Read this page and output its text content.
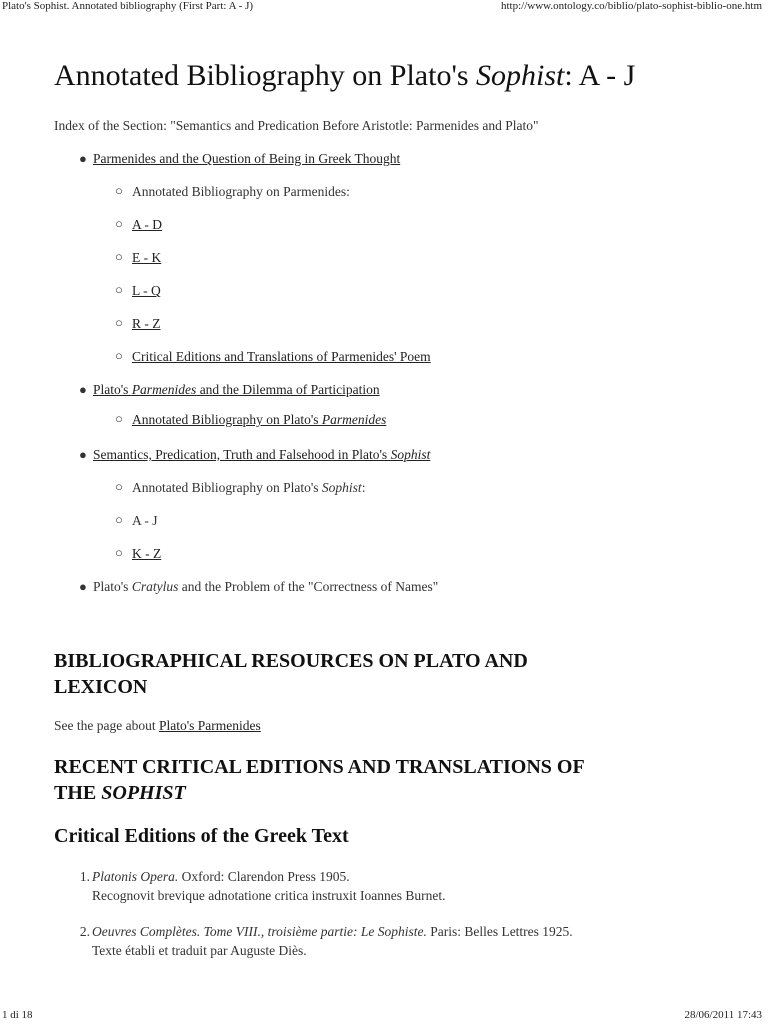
Plato's Sophist. Annotated bibliography (First Part: A - J)	http://www.ontology.co/biblio/plato-sophist-biblio-one.htm
Annotated Bibliography on Plato's Sophist: A - J
Index of the Section: "Semantics and Predication Before Aristotle: Parmenides and Plato"
● Parmenides and the Question of Being in Greek Thought
○ Annotated Bibliography on Parmenides:
○ A - D
○ E - K
○ L - Q
○ R - Z
○ Critical Editions and Translations of Parmenides' Poem
● Plato's Parmenides and the Dilemma of Participation
○ Annotated Bibliography on Plato's Parmenides
● Semantics, Predication, Truth and Falsehood in Plato's Sophist
○ Annotated Bibliography on Plato's Sophist:
○ A - J
○ K - Z
● Plato's Cratylus and the Problem of the "Correctness of Names"
BIBLIOGRAPHICAL RESOURCES ON PLATO AND
LEXICON
See the page about Plato's Parmenides
RECENT CRITICAL EDITIONS AND TRANSLATIONS OF
THE SOPHIST
Critical Editions of the Greek Text
1. Platonis Opera. Oxford: Clarendon Press 1905.
Recognovit brevique adnotatione critica instruxit Ioannes Burnet.
2. Oeuvres Complètes. Tome VIII., troisième partie: Le Sophiste. Paris: Belles Lettres 1925.
Texte établi et traduit par Auguste Diès.
1 di 18	28/06/2011 17:43
